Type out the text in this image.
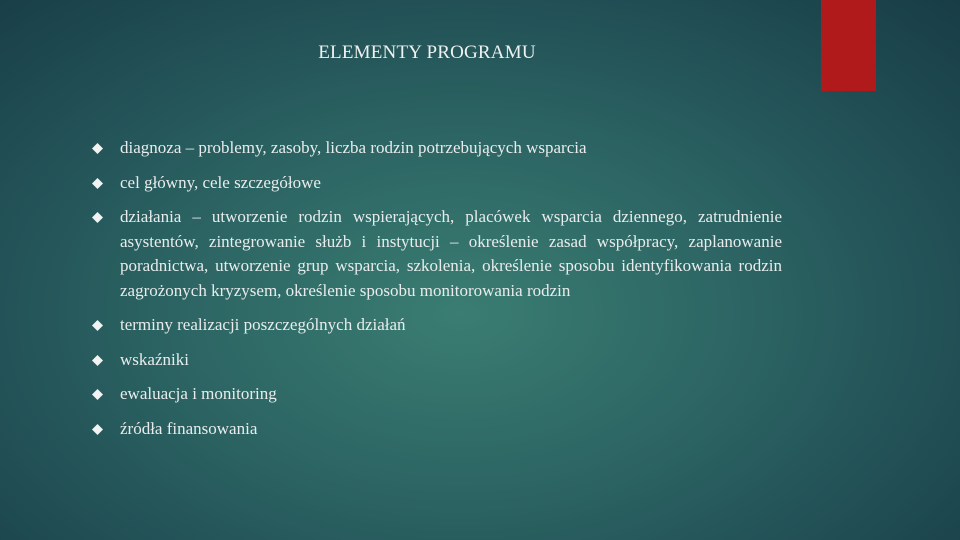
ELEMENTY PROGRAMU
diagnoza – problemy, zasoby, liczba rodzin potrzebujących wsparcia
cel główny, cele szczegółowe
działania – utworzenie rodzin wspierających, placówek wsparcia dziennego, zatrudnienie asystentów, zintegrowanie służb i instytucji – określenie zasad współpracy, zaplanowanie poradnictwa, utworzenie grup wsparcia, szkolenia, określenie sposobu identyfikowania rodzin zagrożonych kryzysem, określenie sposobu monitorowania rodzin
terminy realizacji poszczególnych działań
wskaźniki
ewaluacja i monitoring
źródła finansowania
